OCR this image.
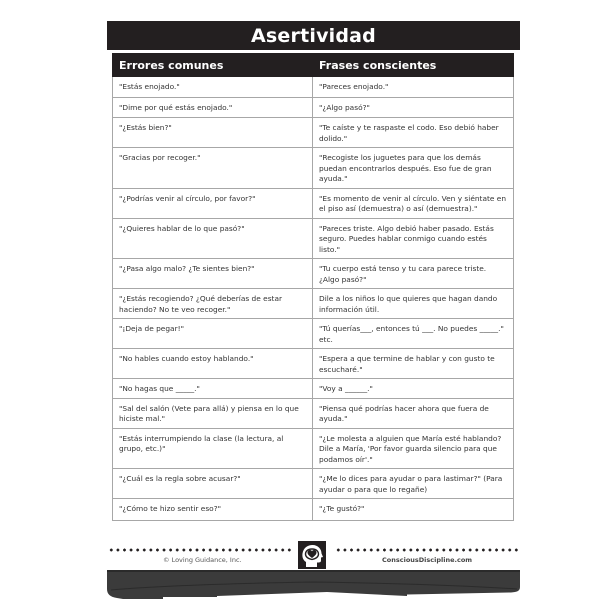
Asertividad
Errores comunes	Frases conscientes
"Estás enojado."	"Pareces enojado."
"Dime por qué estás enojado."	"¿Algo pasó?"
"¿Estás bien?"	"Te caíste y te raspaste el codo. Eso debió haber dolido."
"Gracias por recoger."	"Recogiste los juguetes para que los demás puedan encontrarlos después. Eso fue de gran ayuda."
"¿Podrías venir al círculo, por favor?"	"Es momento de venir al círculo. Ven y siéntate en el piso así (demuestra) o así (demuestra)."
"¿Quieres hablar de lo que pasó?"	"Pareces triste. Algo debió haber pasado. Estás seguro. Puedes hablar conmigo cuando estés listo."
"¿Pasa algo malo? ¿Te sientes bien?"	"Tu cuerpo está tenso y tu cara parece triste. ¿Algo pasó?"
"¿Estás recogiendo? ¿Qué deberías de estar haciendo? No te veo recoger."	Dile a los niños lo que quieres que hagan dando información útil.
"¡Deja de pegar!"	"Tú querías___, entonces tú ___. No puedes _____." etc.
"No hables cuando estoy hablando."	"Espera a que termine de hablar y con gusto te escucharé."
"No hagas que _____."	"Voy a ______."
"Sal del salón (Vete para allá) y piensa en lo que hiciste mal."	"Piensa qué podrías hacer ahora que fuera de ayuda."
"Estás interrumpiendo la clase (la lectura, al grupo, etc.)"	"¿Le molesta a alguien que María esté hablando? Dile a María, 'Por favor guarda silencio para que podamos oír'."
"¿Cuál es la regla sobre acusar?"	"¿Me lo dices para ayudar o para lastimar?" (Para ayudar o para que lo regañe)
"¿Cómo te hizo sentir eso?"	"¿Te gustó?"
© Loving Guidance, Inc.	ConsciousDiscipline.com
